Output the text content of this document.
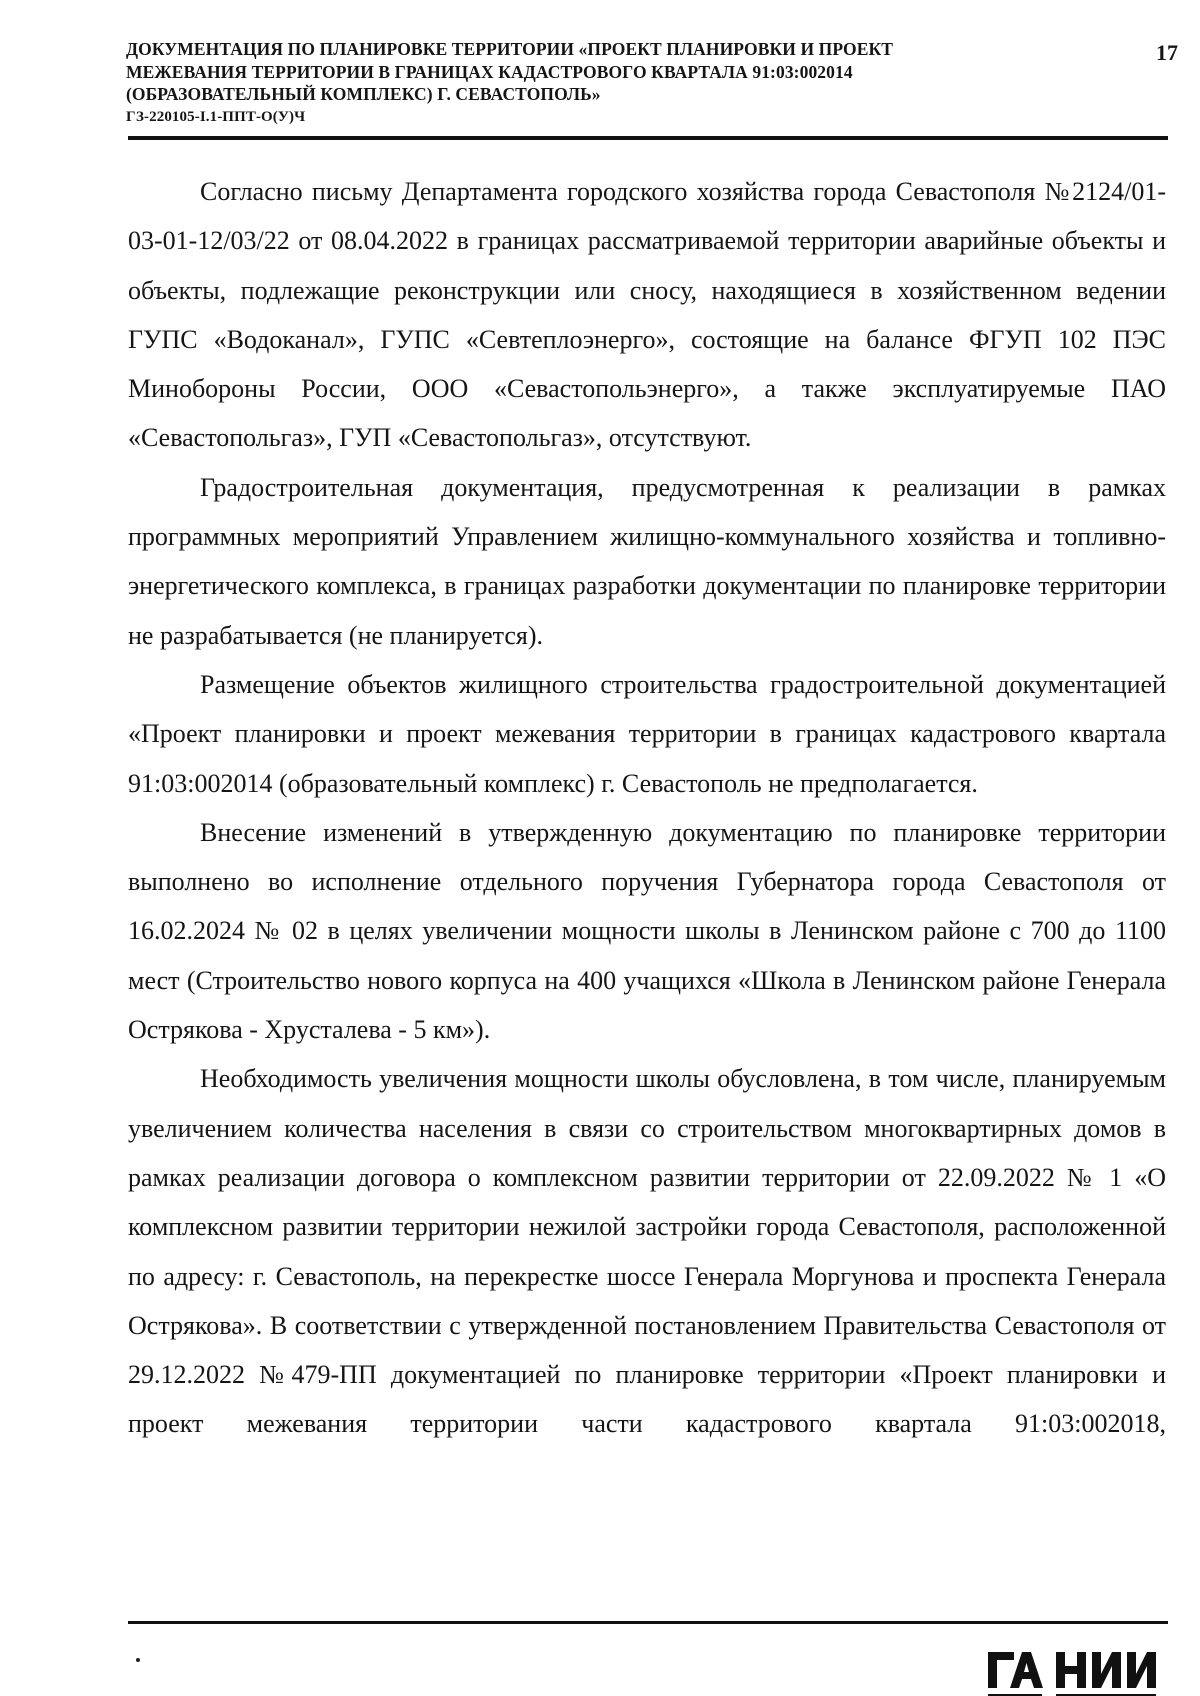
ДОКУМЕНТАЦИЯ ПО ПЛАНИРОВКЕ ТЕРРИТОРИИ «ПРОЕКТ ПЛАНИРОВКИ И ПРОЕКТ
МЕЖЕВАНИЯ ТЕРРИТОРИИ В ГРАНИЦАХ КАДАСТРОВОГО КВАРТАЛА 91:03:002014
(ОБРАЗОВАТЕЛЬНЫЙ КОМПЛЕКС) Г. СЕВАСТОПОЛЬ»
ГЗ-220105-I.1-ППТ-О(У)Ч
17

Согласно письму Департамента городского хозяйства города Севастополя №2124/01-03-01-12/03/22 от 08.04.2022 в границах рассматриваемой территории аварийные объекты и объекты, подлежащие реконструкции или сносу, находящиеся в хозяйственном ведении ГУПС «Водоканал», ГУПС «Севтеплоэнерго», состоящие на балансе ФГУП 102 ПЭС Минобороны России, ООО «Севастопольэнерго», а также эксплуатируемые ПАО «Севастопольгаз», ГУП «Севастопольгаз», отсутствуют.

Градостроительная документация, предусмотренная к реализации в рамках программных мероприятий Управлением жилищно-коммунального хозяйства и топливно-энергетического комплекса, в границах разработки документации по планировке территории не разрабатывается (не планируется).

Размещение объектов жилищного строительства градостроительной документацией «Проект планировки и проект межевания территории в границах кадастрового квартала 91:03:002014 (образовательный комплекс) г. Севастополь не предполагается.

Внесение изменений в утвержденную документацию по планировке территории выполнено во исполнение отдельного поручения Губернатора города Севастополя от 16.02.2024 № 02 в целях увеличении мощности школы в Ленинском районе с 700 до 1100 мест (Строительство нового корпуса на 400 учащихся «Школа в Ленинском районе Генерала Острякова - Хрусталева - 5 км»).

Необходимость увеличения мощности школы обусловлена, в том числе, планируемым увеличением количества населения в связи со строительством многоквартирных домов в рамках реализации договора о комплексном развитии территории от 22.09.2022 № 1 «О комплексном развитии территории нежилой застройки города Севастополя, расположенной по адресу: г. Севастополь, на перекрестке шоссе Генерала Моргунова и проспекта Генерала Острякова». В соответствии с утвержденной постановлением Правительства Севастополя от 29.12.2022 №479-ПП документацией по планировке территории «Проект планировки и проект межевания территории части кадастрового квартала 91:03:002018,
